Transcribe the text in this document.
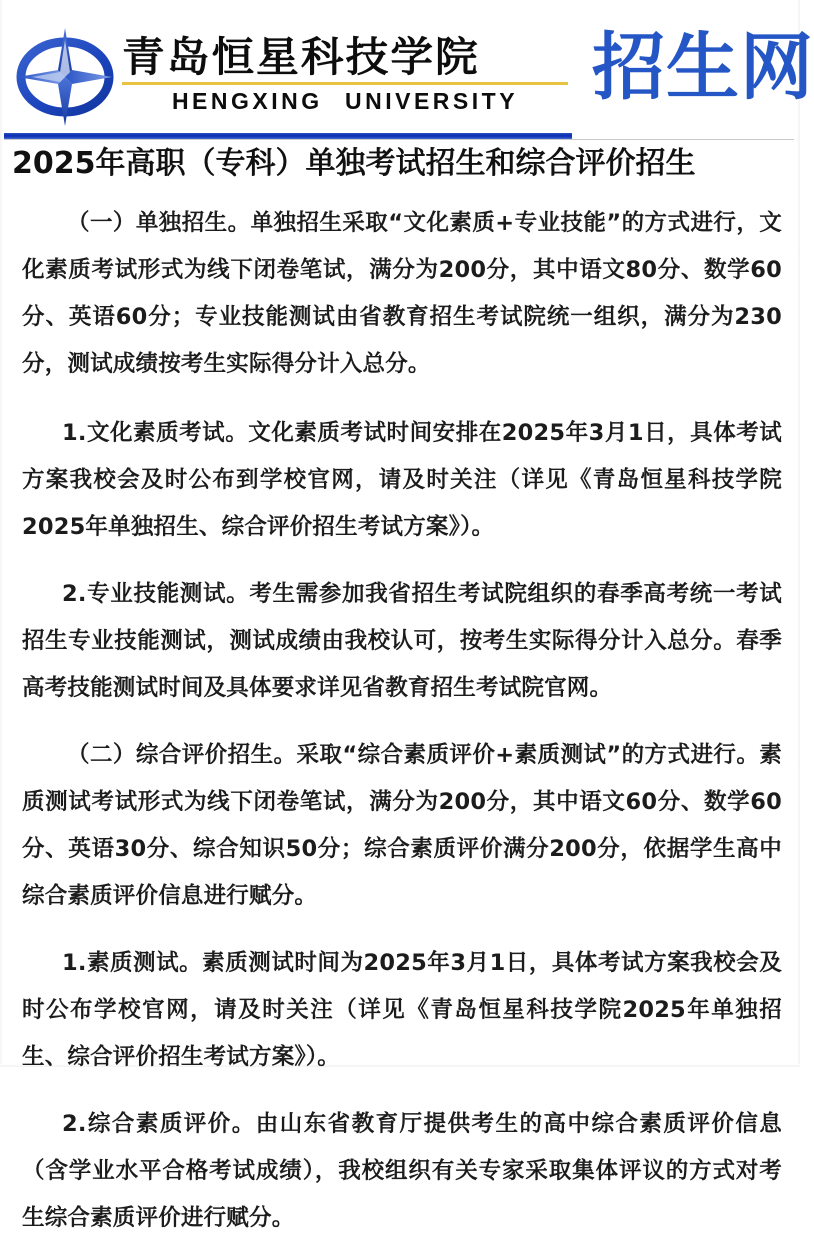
青岛恒星科技学院
HENGXING UNIVERSITY	招生网
2025年高职（专科）单独考试招生和综合评价招生

（一）单独招生。单独招生采取“文化素质+专业技能”的方式进行，文化素质考试形式为线下闭卷笔试，满分为200分，其中语文80分、数学60分、英语60分；专业技能测试由省教育招生考试院统一组织，满分为230分，测试成绩按考生实际得分计入总分。

1.文化素质考试。文化素质考试时间安排在2025年3月1日，具体考试方案我校会及时公布到学校官网，请及时关注（详见《青岛恒星科技学院2025年单独招生、综合评价招生考试方案》）。

2.专业技能测试。考生需参加我省招生考试院组织的春季高考统一考试招生专业技能测试，测试成绩由我校认可，按考生实际得分计入总分。春季高考技能测试时间及具体要求详见省教育招生考试院官网。

（二）综合评价招生。采取“综合素质评价+素质测试”的方式进行。素质测试考试形式为线下闭卷笔试，满分为200分，其中语文60分、数学60分、英语30分、综合知识50分；综合素质评价满分200分，依据学生高中综合素质评价信息进行赋分。

1.素质测试。素质测试时间为2025年3月1日，具体考试方案我校会及时公布学校官网，请及时关注（详见《青岛恒星科技学院2025年单独招生、综合评价招生考试方案》）。

2.综合素质评价。由山东省教育厅提供考生的高中综合素质评价信息（含学业水平合格考试成绩），我校组织有关专家采取集体评议的方式对考生综合素质评价进行赋分。
